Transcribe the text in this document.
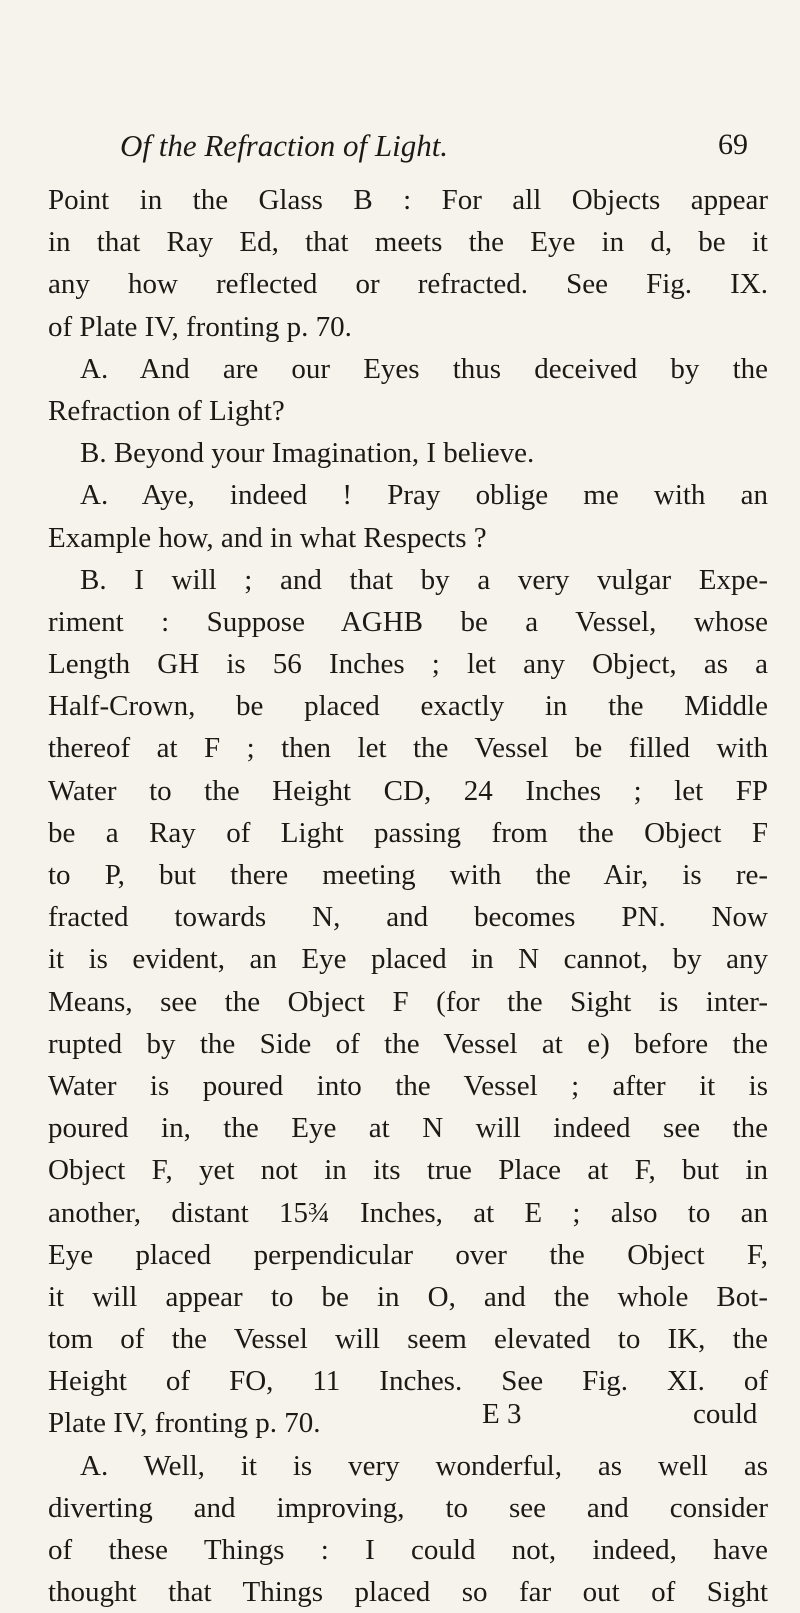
Of the Refraction of Light.	69
Point in the Glass B : For all Objects appear
in that Ray Ed, that meets the Eye in d, be it
any how reflected or refracted. See Fig. IX.
of Plate IV, fronting p. 70.
A. And are our Eyes thus deceived by the
Refraction of Light?
B. Beyond your Imagination, I believe.
A. Aye, indeed ! Pray oblige me with an
Example how, and in what Respects ?
B. I will ; and that by a very vulgar Expe-
riment : Suppose AGHB be a Vessel, whose
Length GH is 56 Inches ; let any Object, as a
Half-Crown, be placed exactly in the Middle
thereof at F ; then let the Vessel be filled with
Water to the Height CD, 24 Inches ; let FP
be a Ray of Light passing from the Object F
to P, but there meeting with the Air, is re-
fracted towards N, and becomes PN. Now
it is evident, an Eye placed in N cannot, by any
Means, see the Object F (for the Sight is inter-
rupted by the Side of the Vessel at e) before the
Water is poured into the Vessel ; after it is
poured in, the Eye at N will indeed see the
Object F, yet not in its true Place at F, but in
another, distant 15¾ Inches, at E ; also to an
Eye placed perpendicular over the Object F,
it will appear to be in O, and the whole Bot-
tom of the Vessel will seem elevated to IK, the
Height of FO, 11 Inches. See Fig. XI. of
Plate IV, fronting p. 70.
A. Well, it is very wonderful, as well as
diverting and improving, to see and consider
of these Things : I could not, indeed, have
thought that Things placed so far out of Sight
E 3	could
